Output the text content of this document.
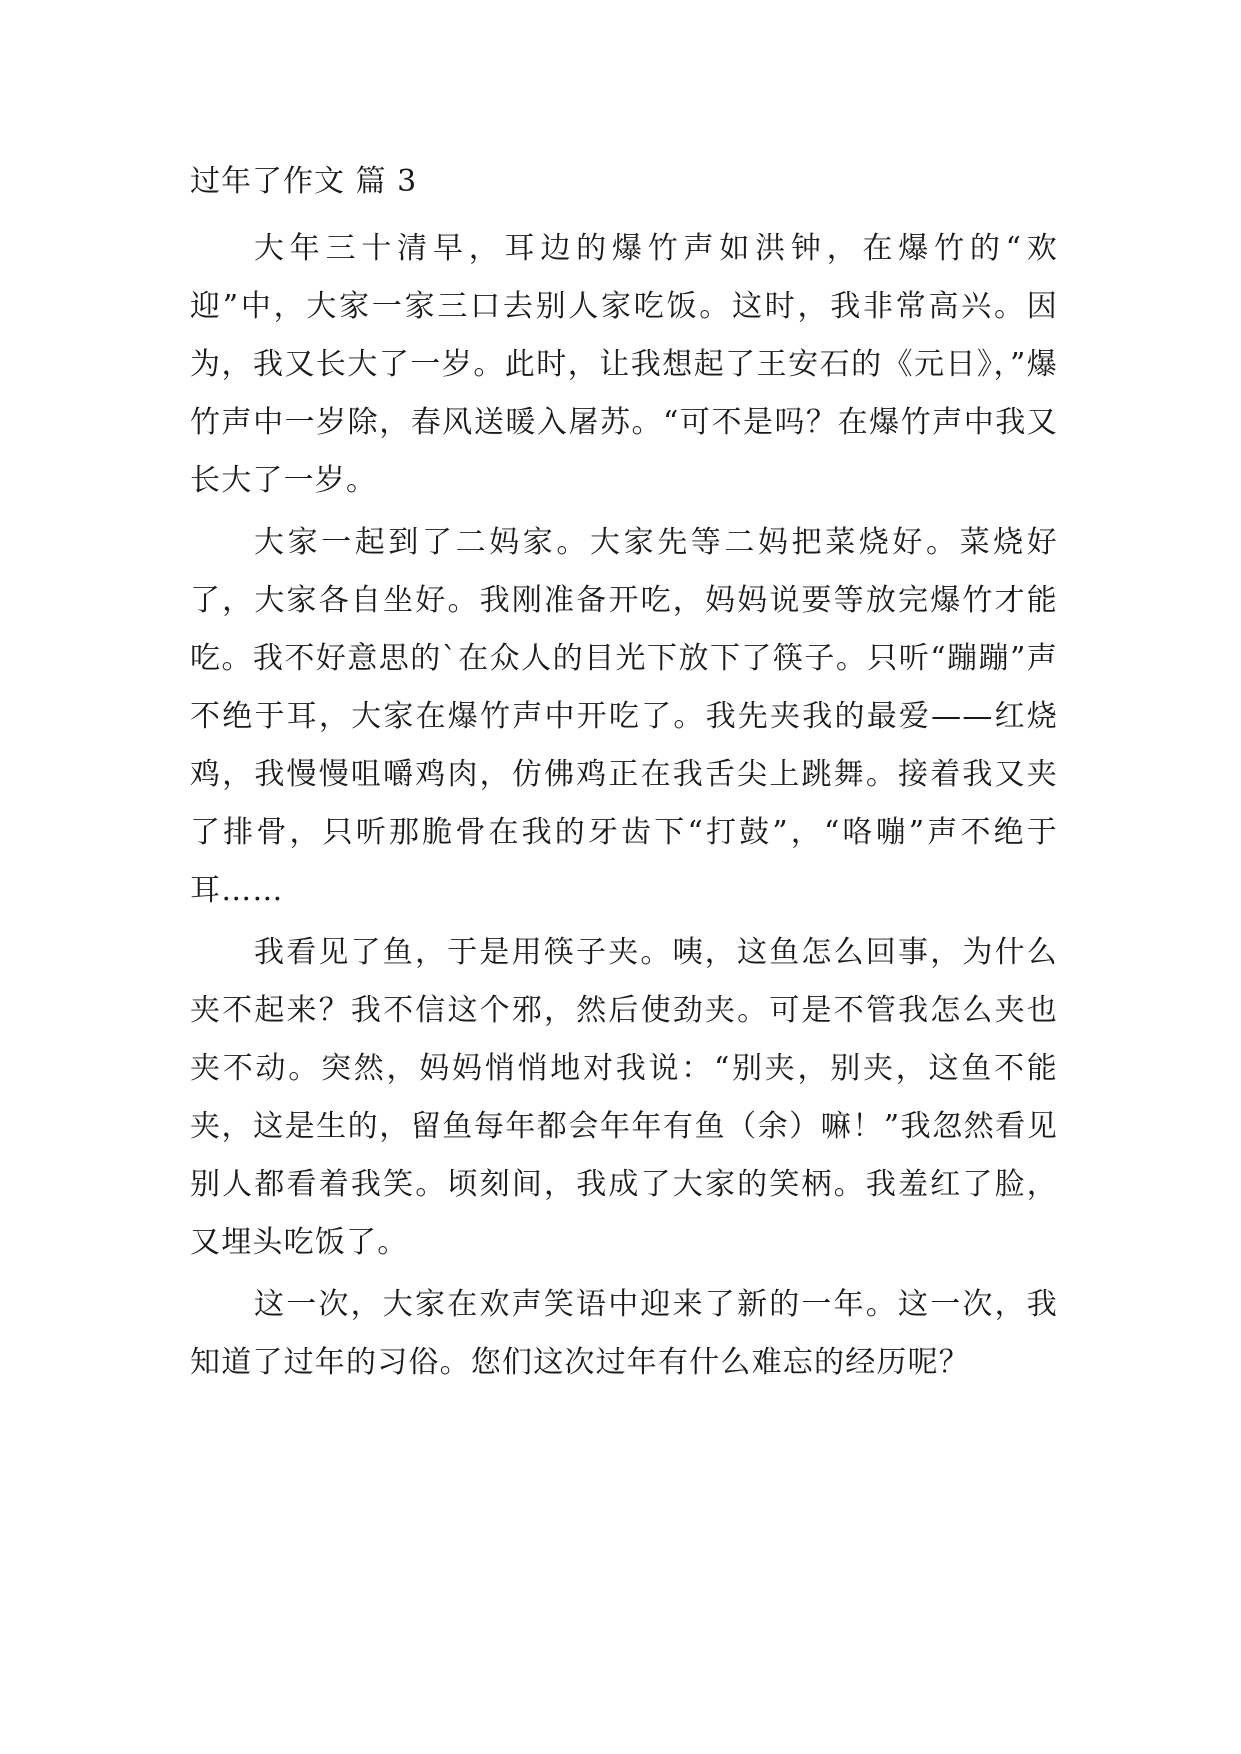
过年了作文 篇 3

大年三十清早，耳边的爆竹声如洪钟，在爆竹的“欢迎”中，大家一家三口去别人家吃饭。这时，我非常高兴。因为，我又长大了一岁。此时，让我想起了王安石的《元日》，”爆竹声中一岁除，春风送暖入屠苏。“可不是吗？在爆竹声中我又长大了一岁。

大家一起到了二妈家。大家先等二妈把菜烧好。菜烧好了，大家各自坐好。我刚准备开吃，妈妈说要等放完爆竹才能吃。我不好意思的`在众人的目光下放下了筷子。只听“蹦蹦”声不绝于耳，大家在爆竹声中开吃了。我先夹我的最爱——红烧鸡，我慢慢咀嚼鸡肉，仿佛鸡正在我舌尖上跳舞。接着我又夹了排骨，只听那脆骨在我的牙齿下“打鼓”，“咯嘣”声不绝于耳……

我看见了鱼，于是用筷子夹。咦，这鱼怎么回事，为什么夹不起来？我不信这个邪，然后使劲夹。可是不管我怎么夹也夹不动。突然，妈妈悄悄地对我说：“别夹，别夹，这鱼不能夹，这是生的，留鱼每年都会年年有鱼（余）嘛！”我忽然看见别人都看着我笑。顷刻间，我成了大家的笑柄。我羞红了脸，又埋头吃饭了。

这一次，大家在欢声笑语中迎来了新的一年。这一次，我知道了过年的习俗。您们这次过年有什么难忘的经历呢？
